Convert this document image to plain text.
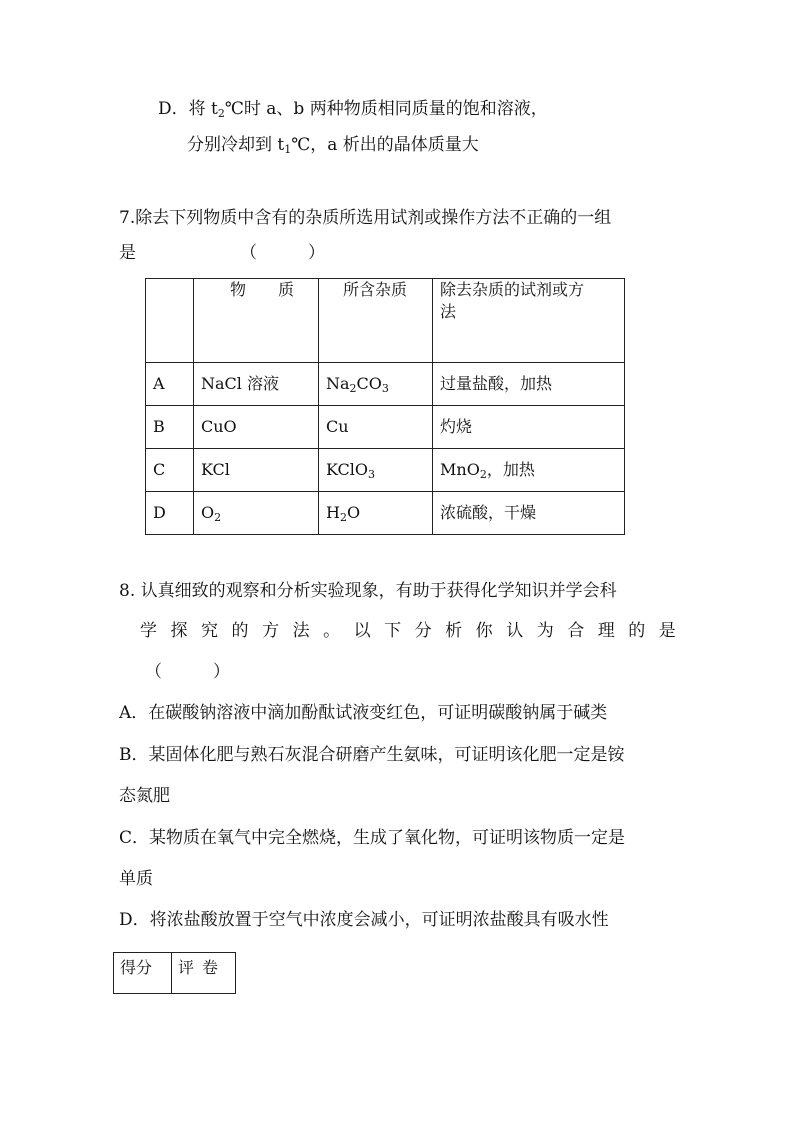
D．将 $t_2℃$时 a、b 两种物质相同质量的饱和溶液，
分别冷却到 $t_1℃$，a 析出的晶体质量大
7.除去下列物质中含有的杂质所选用试剂或操作方法不正确的一组
是	（　　　）
	物　　质	所含杂质	除去杂质的试剂或方
法

A	NaCl 溶液	$Na_2CO_3$	过量盐酸，加热
B	CuO	Cu	灼烧
C	KCl	KClO$_3$	MnO$_2$，加热
D	$O_2$	$H_2O$	浓硫酸，干燥
8. 认真细致的观察和分析实验现象，有助于获得化学知识并学会科
学 探 究 的 方 法 。 以 下 分 析 你 认 为 合 理 的 是
（　　　）
A．在碳酸钠溶液中滴加酚酞试液变红色，可证明碳酸钠属于碱类
B．某固体化肥与熟石灰混合研磨产生氨味，可证明该化肥一定是铵
态氮肥
C．某物质在氧气中完全燃烧，生成了氧化物，可证明该物质一定是
单质
D．将浓盐酸放置于空气中浓度会减小，可证明浓盐酸具有吸水性
得分	评卷
